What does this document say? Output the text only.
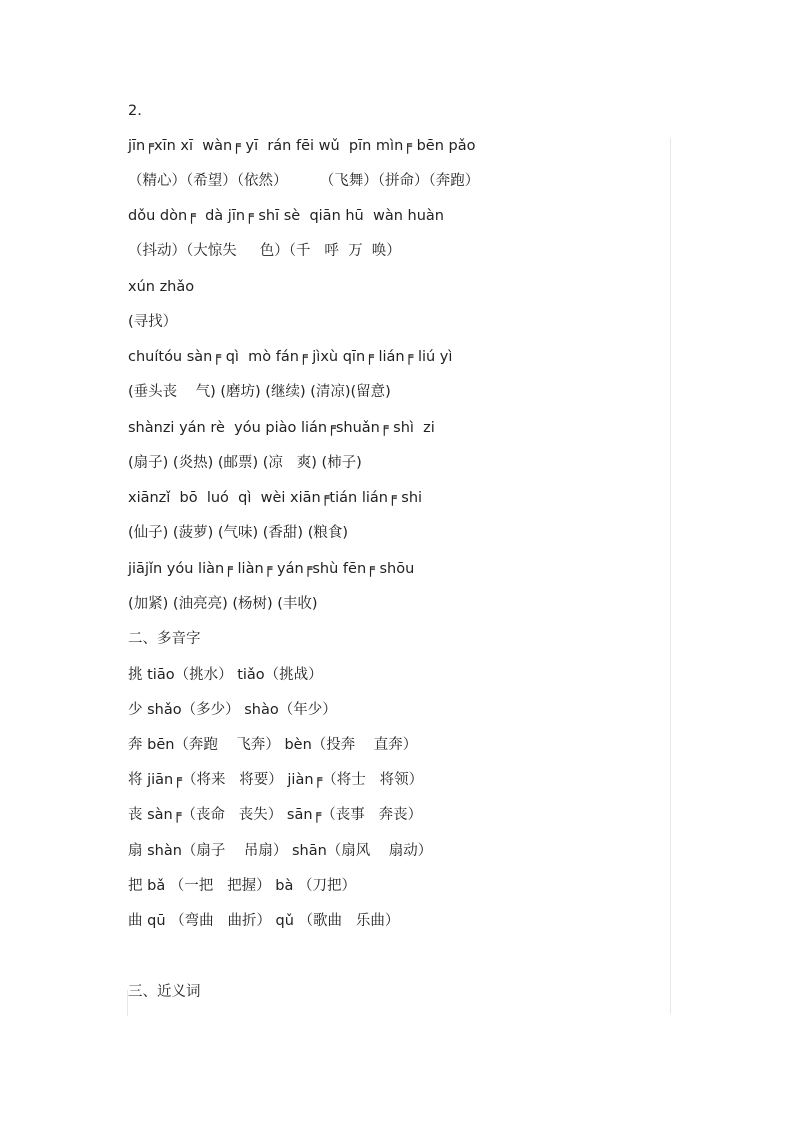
2.
jīn╒xīn xī  wàn╒ yī  rán fēi wǔ  pīn mìn╒ bēn pǎo
（精心）（希望）（依然）       （飞舞）（拼命）（奔跑）
dǒu dòn╒  dà jīn╒ shī sè  qiān hū  wàn huàn
（抖动）（大惊失     色）（千   呼  万  唤）
xún zhǎo
(寻找）
chuítóu sàn╒ qì  mò fán╒ jìxù qīn╒ lián╒ liú yì
(垂头丧    气) (磨坊) (继续) (清凉)(留意)
shànzi yán rè  yóu piào lián╒shuǎn╒ shì  zi
(扇子) (炎热) (邮票) (凉   爽) (柿子)
xiānzǐ  bō  luó  qì  wèi xiān╒tián lián╒ shi
(仙子) (菠萝) (气味) (香甜) (粮食)
jiājǐn yóu liàn╒ liàn╒ yán╒shù fēn╒ shōu
(加紧) (油亮亮) (杨树) (丰收)
二、多音字
挑 tiāo（挑水） tiǎo（挑战）
少 shǎo（多少） shào（年少）
奔 bēn（奔跑    飞奔） bèn（投奔    直奔）
将 jiān╒（将来   将要） jiàn╒（将士   将领）
丧 sàn╒（丧命   丧失） sān╒（丧事   奔丧）
扇 shàn（扇子    吊扇） shān（扇风    扇动）
把 bǎ （一把   把握） bà （刀把）
曲 qū （弯曲   曲折） qǔ （歌曲   乐曲）
三、近义词
